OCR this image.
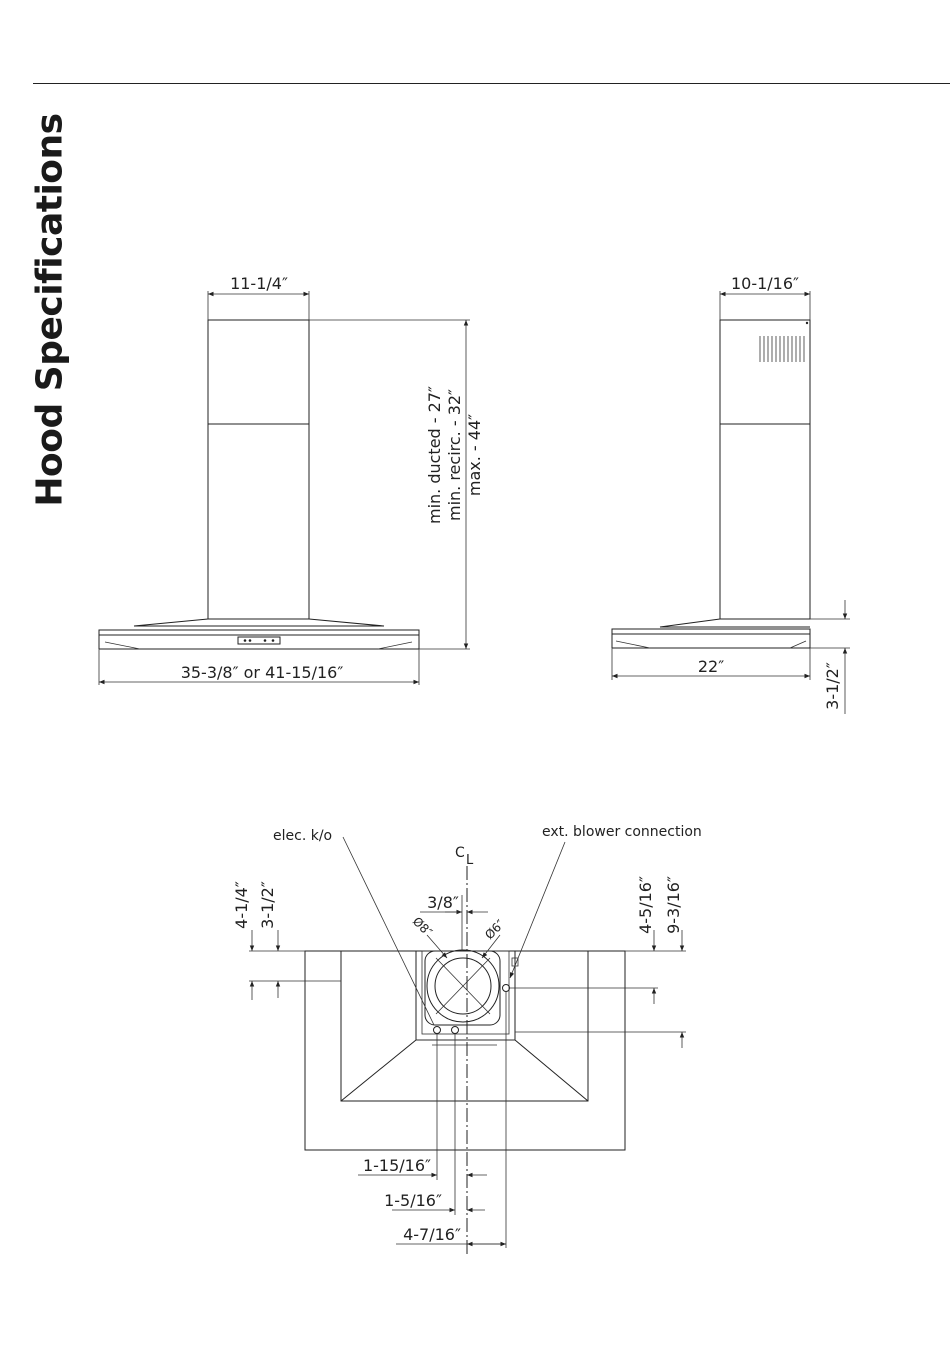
Hood Specifications	11-1/4″
min. ducted - 27″ min. recirc. - 32″ max. - 44″
35-3/8″ or 41-15/16″
10-1/16″
22″	3-1/2″
C L
elec. k/o	ext. blower connection
3/8″
Ø8″	Ø6″
4-1/4″ 3-1/2″	4-5/16″ 9-3/16″
1-15/16″
1-5/16″
4-7/16″
